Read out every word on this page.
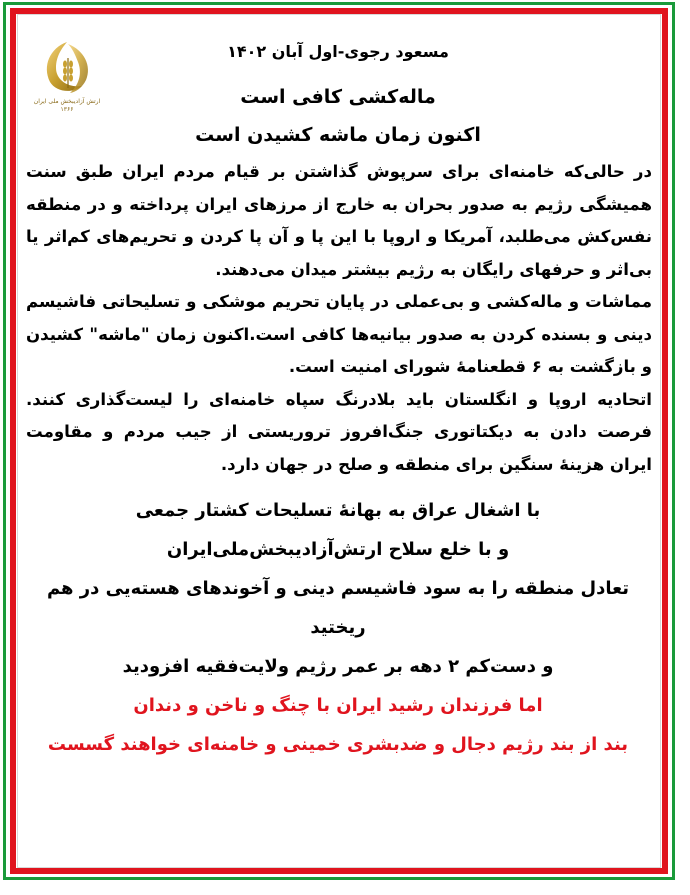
ارتش آزادیبخش ملی ایران ۱۳۶۶
مسعود رجوی-اول آبان ۱۴۰۲

ماله‌کشی کافی است

اکنون زمان ماشه کشیدن است

در حالی‌که خامنه‌ای برای سرپوش گذاشتن بر قیام مردم ایران طبق سنت همیشگی رژیم به صدور بحران به خارج از مرزهای ایران پرداخته و در منطقه نفس‌کش می‌طلبد، آمریکا و اروپا با این پا و آن پا کردن و تحریم‌های کم‌اثر یا بی‌اثر و حرفهای رایگان به رژیم بیشتر میدان می‌دهند.

مماشات و ماله‌کشی و بی‌عملی در پایان تحریم موشکی و تسلیحاتی فاشیسم دینی و بسنده کردن به صدور بیانیه‌ها کافی است.اکنون زمان "ماشه" کشیدن و بازگشت به ۶ قطعنامهٔ شورای امنیت است.

اتحادیه اروپا و انگلستان باید بلادرنگ سپاه خامنه‌ای را لیست‌گذاری کنند. فرصت دادن به دیکتاتوری جنگ‌افروز تروریستی از جیب مردم و مقاومت ایران هزینهٔ سنگین برای منطقه و صلح در جهان دارد.

با اشغال عراق به بهانهٔ تسلیحات کشتار جمعی

و با خلع سلاح ارتش‌آزادیبخش‌ملی‌ایران

تعادل منطقه را به سود فاشیسم دینی و آخوندهای هسته‌یی در هم ریختید

و دست‌کم ۲ دهه بر عمر رژیم ولایت‌فقیه افزودید

اما فرزندان رشید ایران با چنگ و ناخن و دندان

بند از بند رژیم دجال و ضدبشری خمینی و خامنه‌ای خواهند گسست
